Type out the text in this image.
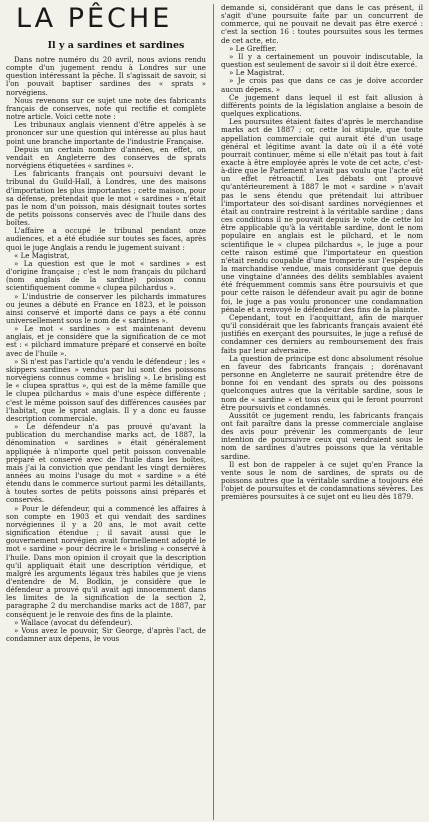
LA PÊCHE
Il y a sardines et sardines

Dans notre numéro du 20 avril, nous avions rendu compte d'un jugement rendu à Londres sur une question intéressant la pêche. Il s'agissait de savoir, si l'on pouvait baptiser sardines des « sprats » norvégiens.

Nous revenons sur ce sujet une note des fabricants français de conserves, note qui rectifie et complète notre article. Voici cette note :

Les tribunaux anglais viennent d'être appelés à se prononcer sur une question qui intéresse au plus haut point une branche importante de l'industrie Française.

Depuis un certain nombre d'années, en effet, on vendait en Angleterre des conserves de sprats norvégiens étiquetées « sardines ».

Les fabricants français ont poursuivi devant le tribunal du Guild-Hall, à Londres, une des maisons d'importation les plus importantes ; cette maison, pour sa défense, prétendait que le mot « sardines » n'était pas le nom d'un poisson, mais désignait toutes sortes de petits poissons conservés avec de l'huile dans des boîtes.

L'affaire a occupé le tribunal pendant onze audiences, et a été étudiée sur toutes ses faces, après quoi le juge Anglais a rendu le jugement suivant :

« Le Magistrat,

» La question est que le mot « sardines » est d'origine française ; c'est le nom français du pilchard (nom anglais de la sardine) poisson connu scientifiquement comme « clupea pilchardus ».

» L'industrie de conserver les pilchards immatures ou jeunes a débuté en France en 1823, et le poisson ainsi conservé et importé dans ce pays a été connu universellement sous le nom de « sardines ».

» Le mot « sardines » est maintenant devenu anglais, et je considère que la signification de ce mot est : « pilchard immature préparé et conservé en boîte avec de l'huile ».

» Si n'est pas l'article qu'a vendu le défendeur ; les « skippers sardines » vendus par lui sont des poissons norvégiens connus comme « brisling ». Le brisling est le « clupea sprattus », qui est de la même famille que le clupea pilchardus » mais d'une espèce différente ; c'est le même poisson sauf des différences causées par l'habitat, que le sprat anglais. Il y a donc eu fausse description commerciale.

» Le défendeur n'a pas prouvé qu'avant la publication du merchandise marks act, de 1887, la dénomination « sardines » était généralement appliquée à n'importe quel petit poisson convenable préparé et conservé avec de l'huile dans les boîtes, mais j'ai la conviction que pendant les vingt dernières années au moins l'usage du mot « sardine » a été étendu dans le commerce surtout parmi les détaillants, à toutes sortes de petits poissons ainsi préparés et conservés.

» Pour le défendeur, qui a commencé les affaires à son compte en 1903 et qui vendait des sardines norvégiennes il y a 20 ans, le mot avait cette signification étendue ; il savait aussi que le gouvernement norvégien avait formellement adopté le mot « sardine » pour décrire le « brisling » conservé à l'huile. Dans mon opinion il croyait que la description qu'il appliquait était une description véridique, et malgré les arguments légaux très habiles que je viens d'entendre de M. Bodkin, je considère que le défendeur a prouvé qu'il avait agi innocemment dans les limites de la signification de la section 2, paragraphe 2 du merchandise marks act de 1887, par conséquent je le renvoie des fins de la plainte.

» Wallace (avocat du défendeur).

» Vous avez le pouvoir, Sir George, d'après l'act, de condamner aux dépens, le vous

demande si, considérant que dans le cas présent, il s'agit d'une poursuite faite par un concurrent de commerce, qui ne pouvait ne devait pas être exercé : c'est la section 16 : toutes poursuites sous les termes de cet acte, etc.

» Le Greffier.

» Il y a certainement un pouvoir indiscutable, la question est seulement de savoir si il doit être exercé.

» Le Magistrat.

» Je crois pas que dans ce cas je doive accorder aucun dépens. »

Ce jugement dans lequel il est fait allusion à différents points de la législation anglaise a besoin de quelques explications.

Les poursuites étaient faites d'après le merchandise marks act de 1887 ; or, cette loi stipule, que toute appellation commerciale qui aurait été d'un usage général et légitime avant la date où il a été voté pourrait continuer, même si elle n'était pas tout à fait exacte à être employée après le vote de cet acte, c'est-à-dire que le Parlement n'avait pas voulu que l'acte eût un effet rétroactif. Les débats ont prouvé qu'antérieurement à 1887 le mot « sardine » n'avait pas le sens étendu que prétendait lui attribuer l'importateur des soi-disant sardines norvégiennes et était au contraire restreint à la véritable sardine ; dans ces conditions il ne pouvait depuis le vote de cette loi être applicable qu'à la véritable sardine, dont le nom populaire en anglais est le pilchard, et le nom scientifique le « clupea pilchardus », le juge a pour cette raison estimé que l'importateur en question n'était rendu coupable d'une tromperie sur l'espèce de la marchandise vendue, mais considérant que depuis une vingtaine d'années des délits semblables avaient été fréquemment commis sans être poursuivis et que pour cette raison le défendeur avait pu agir de bonne foi, le juge a pas voulu prononcer une condamnation pénale et a renvoyé le défendeur des fins de la plainte.

Cependant, tout en l'acquittant, afin de marquer qu'il considérait que les fabricants français avaient été justifiés en exerçant des poursuites, le juge a refusé de condamner ces derniers au remboursement des frais faits par leur adversaire.

La question de principe est donc absolument résolue en faveur des fabricants français ; dorénavant personne en Angleterre ne saurait prétendre être de bonne foi en vendant des sprats ou des poissons quelconques autres que la véritable sardine, sous le nom de « sardine » et tous ceux qui le feront pourront être poursuivis et condamnés.

Aussitôt ce jugement rendu, les fabricants français ont fait paraître dans la presse commerciale anglaise des avis pour prévenir les commerçants de leur intention de poursuivre ceux qui vendraient sous le nom de sardines d'autres poissons que la véritable sardine.

Il est bon de rappeler à ce sujet qu'en France la vente sous le nom de sardines, de sprats ou de poissons autres que la véritable sardine a toujours été l'objet de poursuites et de condamnations sévères. Les premières poursuites à ce sujet ont eu lieu dès 1879.
